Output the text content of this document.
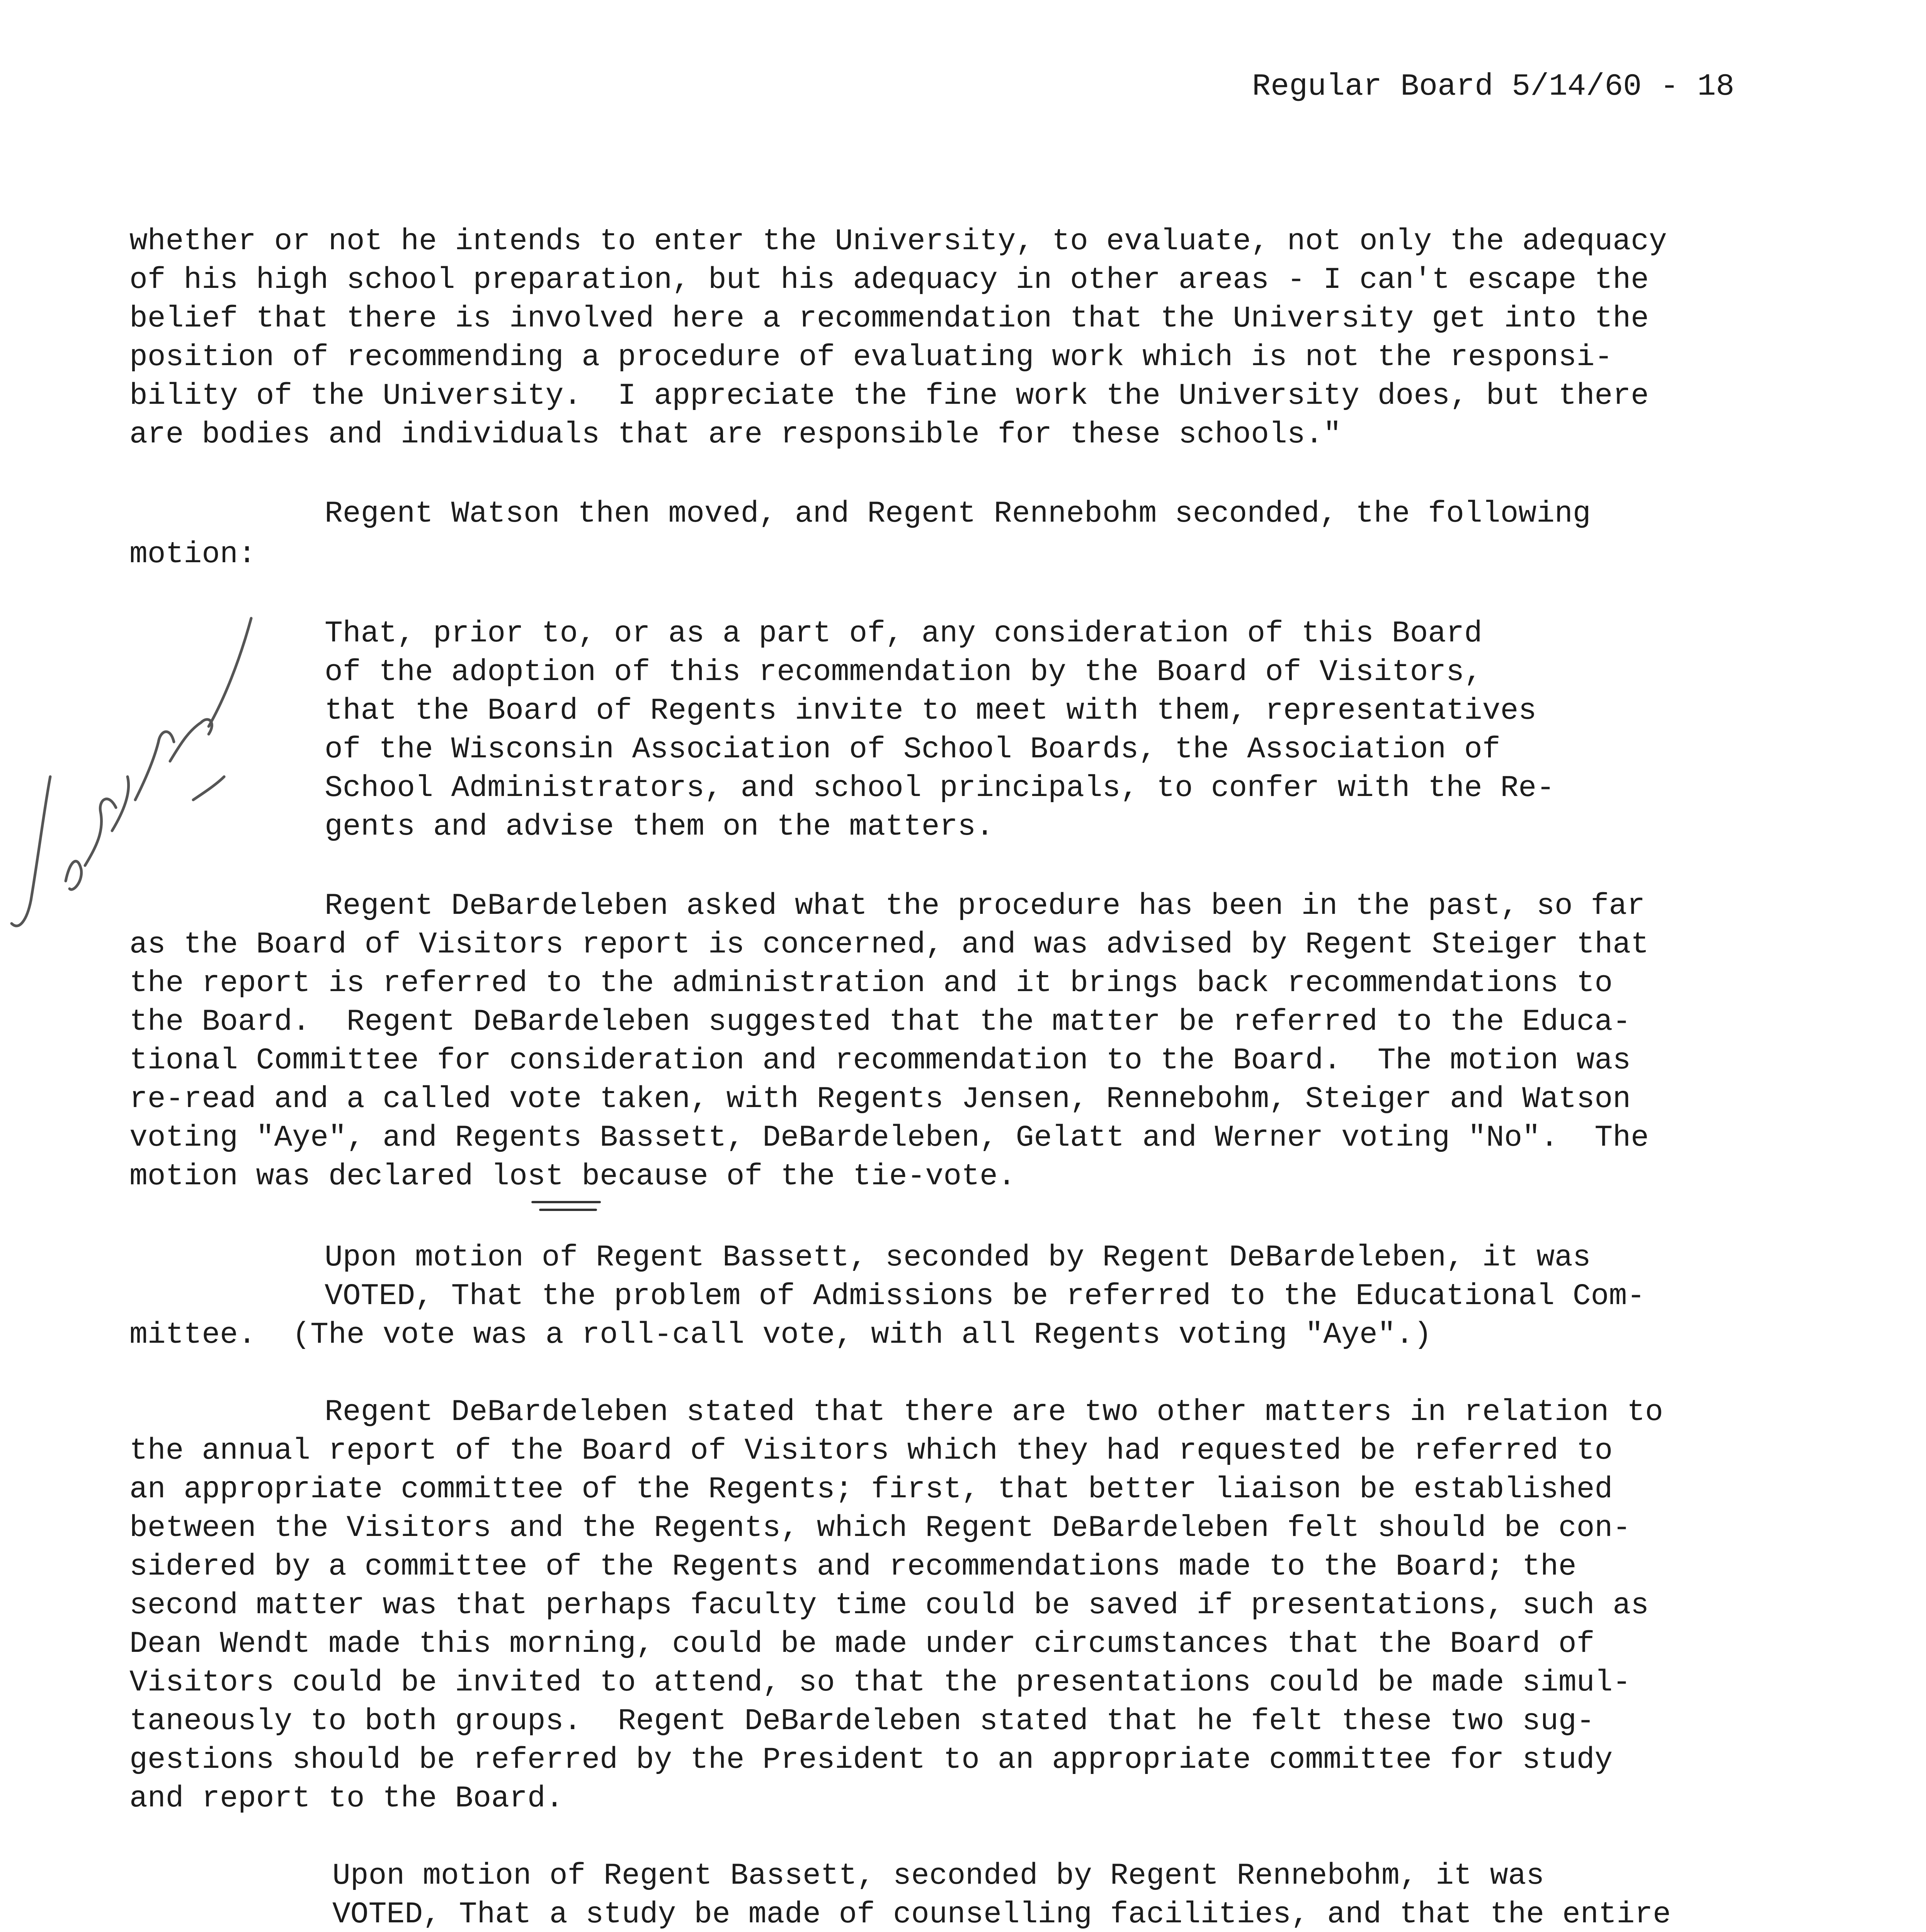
Regular Board 5/14/60 - 18
whether or not he intends to enter the University, to evaluate, not only the adequacy
of his high school preparation, but his adequacy in other areas - I can't escape the
belief that there is involved here a recommendation that the University get into the
position of recommending a procedure of evaluating work which is not the responsi-
bility of the University.  I appreciate the fine work the University does, but there
are bodies and individuals that are responsible for these schools."
Regent Watson then moved, and Regent Rennebohm seconded, the following
motion:
That, prior to, or as a part of, any consideration of this Board
of the adoption of this recommendation by the Board of Visitors,
that the Board of Regents invite to meet with them, representatives
of the Wisconsin Association of School Boards, the Association of
School Administrators, and school principals, to confer with the Re-
gents and advise them on the matters.
Regent DeBardeleben asked what the procedure has been in the past, so far
as the Board of Visitors report is concerned, and was advised by Regent Steiger that
the report is referred to the administration and it brings back recommendations to
the Board.  Regent DeBardeleben suggested that the matter be referred to the Educa-
tional Committee for consideration and recommendation to the Board.  The motion was
re-read and a called vote taken, with Regents Jensen, Rennebohm, Steiger and Watson
voting "Aye", and Regents Bassett, DeBardeleben, Gelatt and Werner voting "No".  The
motion was declared lost because of the tie-vote.
Upon motion of Regent Bassett, seconded by Regent DeBardeleben, it was
VOTED, That the problem of Admissions be referred to the Educational Com-
mittee.  (The vote was a roll-call vote, with all Regents voting "Aye".)
Regent DeBardeleben stated that there are two other matters in relation to
the annual report of the Board of Visitors which they had requested be referred to
an appropriate committee of the Regents; first, that better liaison be established
between the Visitors and the Regents, which Regent DeBardeleben felt should be con-
sidered by a committee of the Regents and recommendations made to the Board; the
second matter was that perhaps faculty time could be saved if presentations, such as
Dean Wendt made this morning, could be made under circumstances that the Board of
Visitors could be invited to attend, so that the presentations could be made simul-
taneously to both groups.  Regent DeBardeleben stated that he felt these two sug-
gestions should be referred by the President to an appropriate committee for study
and report to the Board.
Upon motion of Regent Bassett, seconded by Regent Rennebohm, it was
VOTED, That a study be made of counselling facilities, and that the entire
